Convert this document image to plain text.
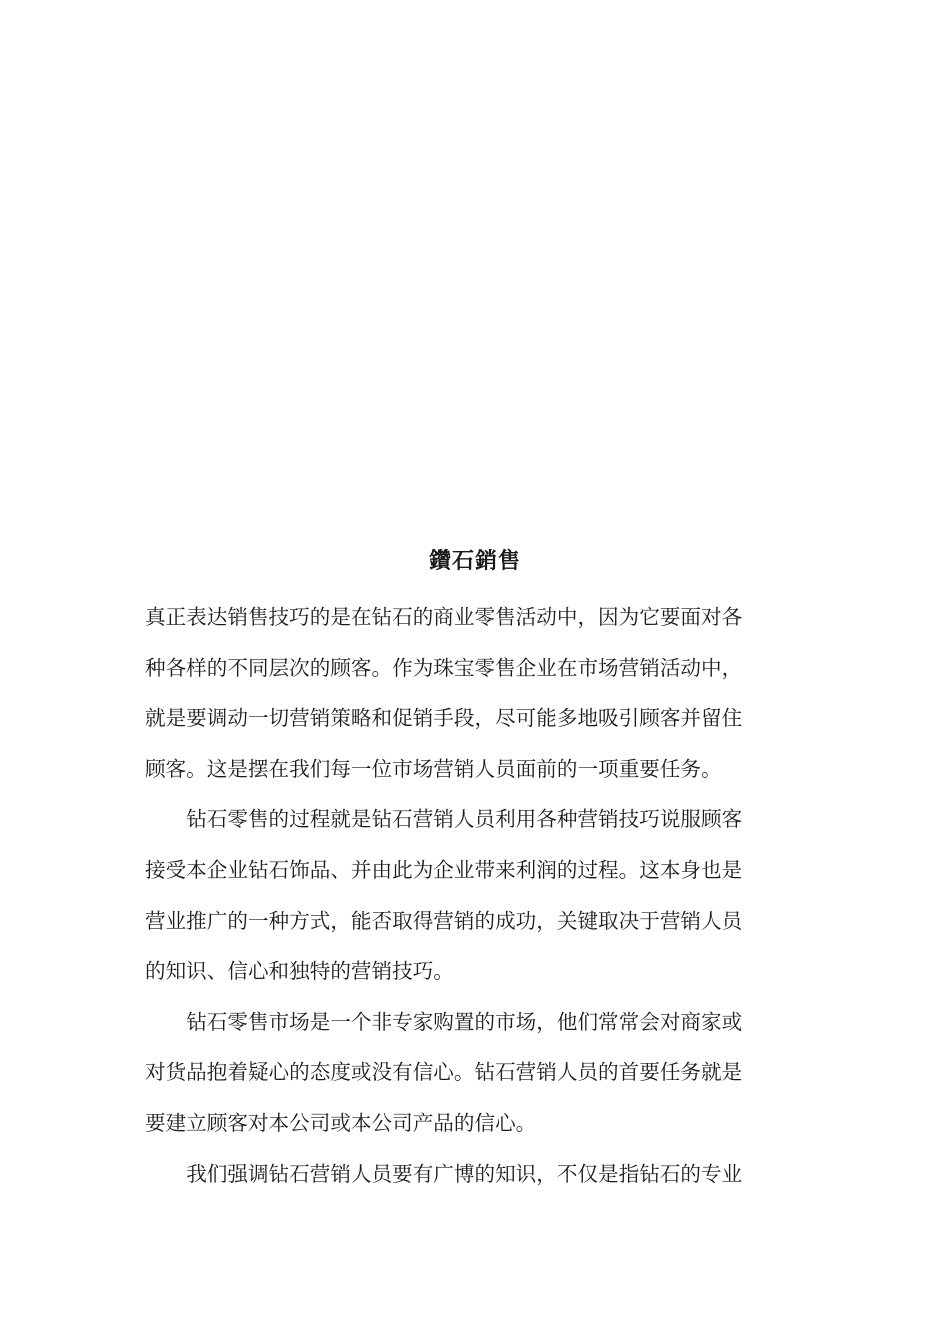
鑽石銷售

真正表达销售技巧的是在钻石的商业零售活动中，因为它要面对各
种各样的不同层次的顾客。作为珠宝零售企业在市场营销活动中，
就是要调动一切营销策略和促销手段，尽可能多地吸引顾客并留住
顾客。这是摆在我们每一位市场营销人员面前的一项重要任务。

钻石零售的过程就是钻石营销人员利用各种营销技巧说服顾客
接受本企业钻石饰品、并由此为企业带来利润的过程。这本身也是
营业推广的一种方式，能否取得营销的成功，关键取决于营销人员
的知识、信心和独特的营销技巧。

钻石零售市场是一个非专家购置的市场，他们常常会对商家或
对货品抱着疑心的态度或没有信心。钻石营销人员的首要任务就是
要建立顾客对本公司或本公司产品的信心。

我们强调钻石营销人员要有广博的知识，不仅是指钻石的专业
